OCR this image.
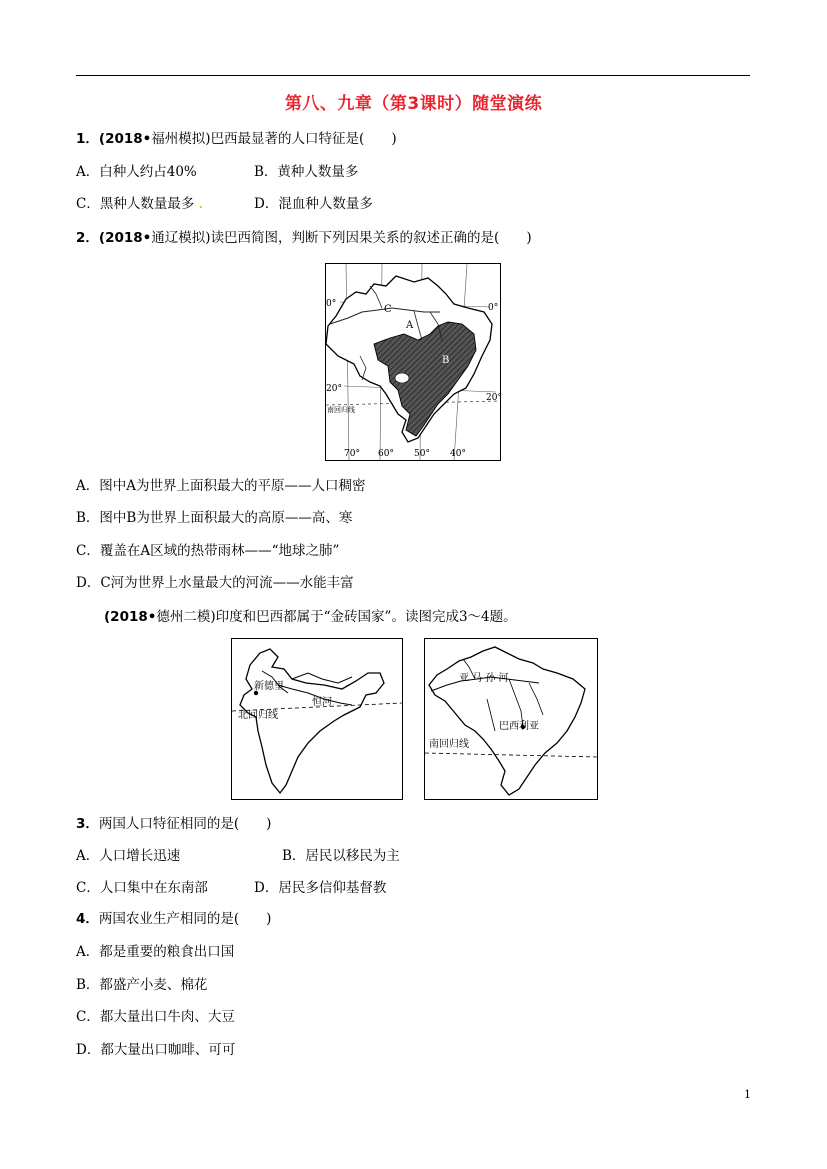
第八、九章（第3课时）随堂演练
1．(2018•福州模拟)巴西最显著的人口特征是(　　)
A．白种人约占40%	B．黄种人数量多
C．黑种人数量最多 .	D．混血种人数量多
2．(2018•通辽模拟)读巴西简图，判断下列因果关系的叙述正确的是(　　)
0°	0°
20°
20°
南回归线
A
B
C
70° 60° 50° 40°
A．图中A为世界上面积最大的平原——人口稠密
B．图中B为世界上面积最大的高原——高、寒
C．覆盖在A区域的热带雨林——“地球之肺”
D．C河为世界上水量最大的河流——水能丰富
(2018•德州二模)印度和巴西都属于“金砖国家”。读图完成3～4题。
新德里
恒河
北回归线
亚 马 孙 河
巴西利亚
南回归线
3．两国人口特征相同的是(　　)
A．人口增长迅速	B．居民以移民为主
C．人口集中在东南部	D．居民多信仰基督教
4．两国农业生产相同的是(　　)
A．都是重要的粮食出口国
B．都盛产小麦、棉花
C．都大量出口牛肉、大豆
D．都大量出口咖啡、可可
1
